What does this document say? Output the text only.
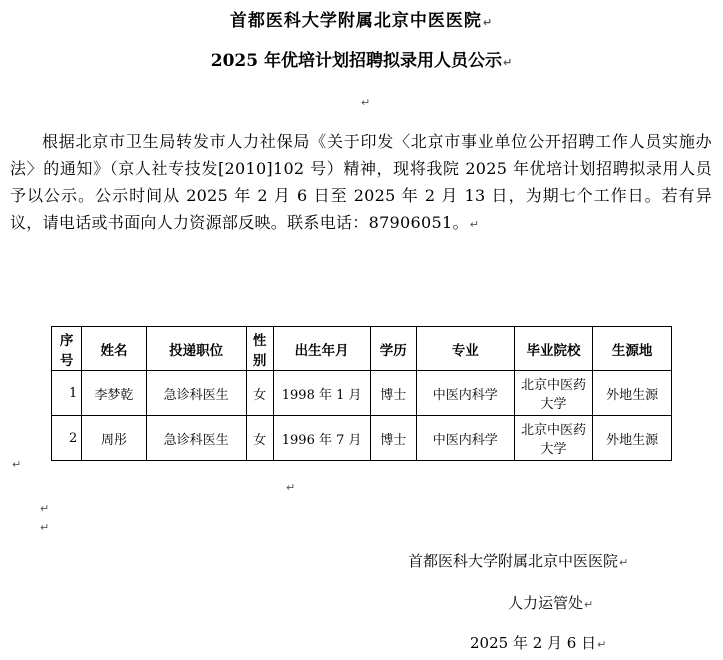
首都医科大学附属北京中医医院↵
2025 年优培计划招聘拟录用人员公示↵
↵
根据北京市卫生局转发市人力社保局《关于印发〈北京市事业单位公开招聘工作人员实施办法〉的通知》（京人社专技发[2010]102 号）精神，现将我院 2025 年优培计划招聘拟录用人员予以公示。公示时间从 2025 年 2 月 6 日至 2025 年 2 月 13 日，为期七个工作日。若有异议，请电话或书面向人力资源部反映。联系电话：87906051。↵
序号	姓名	投递职位	性别	出生年月	学历	专业	毕业院校	生源地
1	李梦乾	急诊科医生	女	1998 年 1 月	博士	中医内科学	北京中医药大学	外地生源
2	周彤	急诊科医生	女	1996 年 7 月	博士	中医内科学	北京中医药大学	外地生源
↵
↵
↵
↵
首都医科大学附属北京中医医院↵
人力运管处↵
2025 年 2 月 6 日↵
